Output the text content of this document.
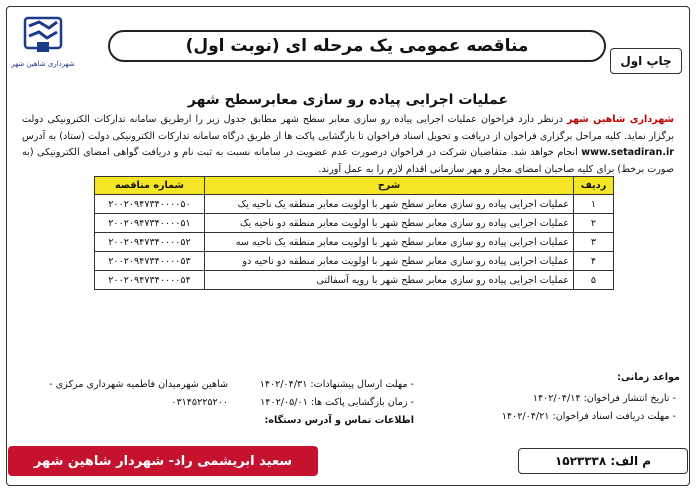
شهرداری شاهین شهر
مناقصه عمومی یک مرحله ای (نوبت اول)
چاپ اول
عملیات اجرایی پیاده رو سازی معابرسطح شهر

شهرداری شاهین شهر درنظر دارد فراخوان عملیات اجرایی پیاده رو سازی معابر سطح شهر مطابق جدول زیر را ازطریق سامانه تدارکات الکترونیکی دولت برگزار نماید. کلیه مراحل برگزاری فراخوان از دریافت و تحویل اسناد فراخوان تا بازگشایی پاکت ها از طریق درگاه سامانه تدارکات الکترونیکی دولت (ستاد) به آدرس www.setadiran.ir انجام خواهد شد. متقاضیان شرکت در فراخوان درصورت عدم عضویت در سامانه نسبت به ثبت نام و دریافت گواهی امضای الکترونیکی (به صورت برخط) برای کلیه صاحبان امضای مجاز و مهر سازمانی اقدام لازم را به عمل آورند.

ردیف	شرح	شماره مناقصه
۱	عملیات اجرایی پیاده رو سازی معابر سطح شهر با اولویت معابر منطقه یک ناحیه یک	۲۰۰۲۰۹۴۷۳۴۰۰۰۰۵۰
۲	عملیات اجرایی پیاده رو سازی معابر سطح شهر با اولویت معابر منطقه دو ناحیه یک	۲۰۰۲۰۹۴۷۳۴۰۰۰۰۵۱
۳	عملیات اجرایی پیاده رو سازی معابر سطح شهر با اولویت معابر منطقه یک ناحیه سه	۲۰۰۲۰۹۴۷۳۴۰۰۰۰۵۲
۴	عملیات اجرایی پیاده رو سازی معابر سطح شهر با اولویت معابر منطقه دو ناحیه دو	۲۰۰۲۰۹۴۷۳۴۰۰۰۰۵۳
۵	عملیات اجرایی پیاده رو سازی معابر سطح شهر با رویه آسفالتی	۲۰۰۲۰۹۴۷۳۴۰۰۰۰۵۴
مواعد زمانی:
- تاریخ انتشار فراخوان: ۱۴۰۲/۰۴/۱۴
- مهلت دریافت اسناد فراخوان: ۱۴۰۲/۰۴/۲۱
- مهلت ارسال پیشنهادات: ۱۴۰۲/۰۴/۳۱
- زمان بازگشایی پاکت ها: ۱۴۰۲/۰۵/۰۱
اطلاعات تماس و آدرس دستگاه:
شاهین شهرمیدان فاطمیه شهرداری مرکزی -
۰۳۱۴۵۲۲۵۲۰۰
م الف: ۱۵۲۳۳۳۸
سعید ابریشمی راد- شهردار شاهین شهر
